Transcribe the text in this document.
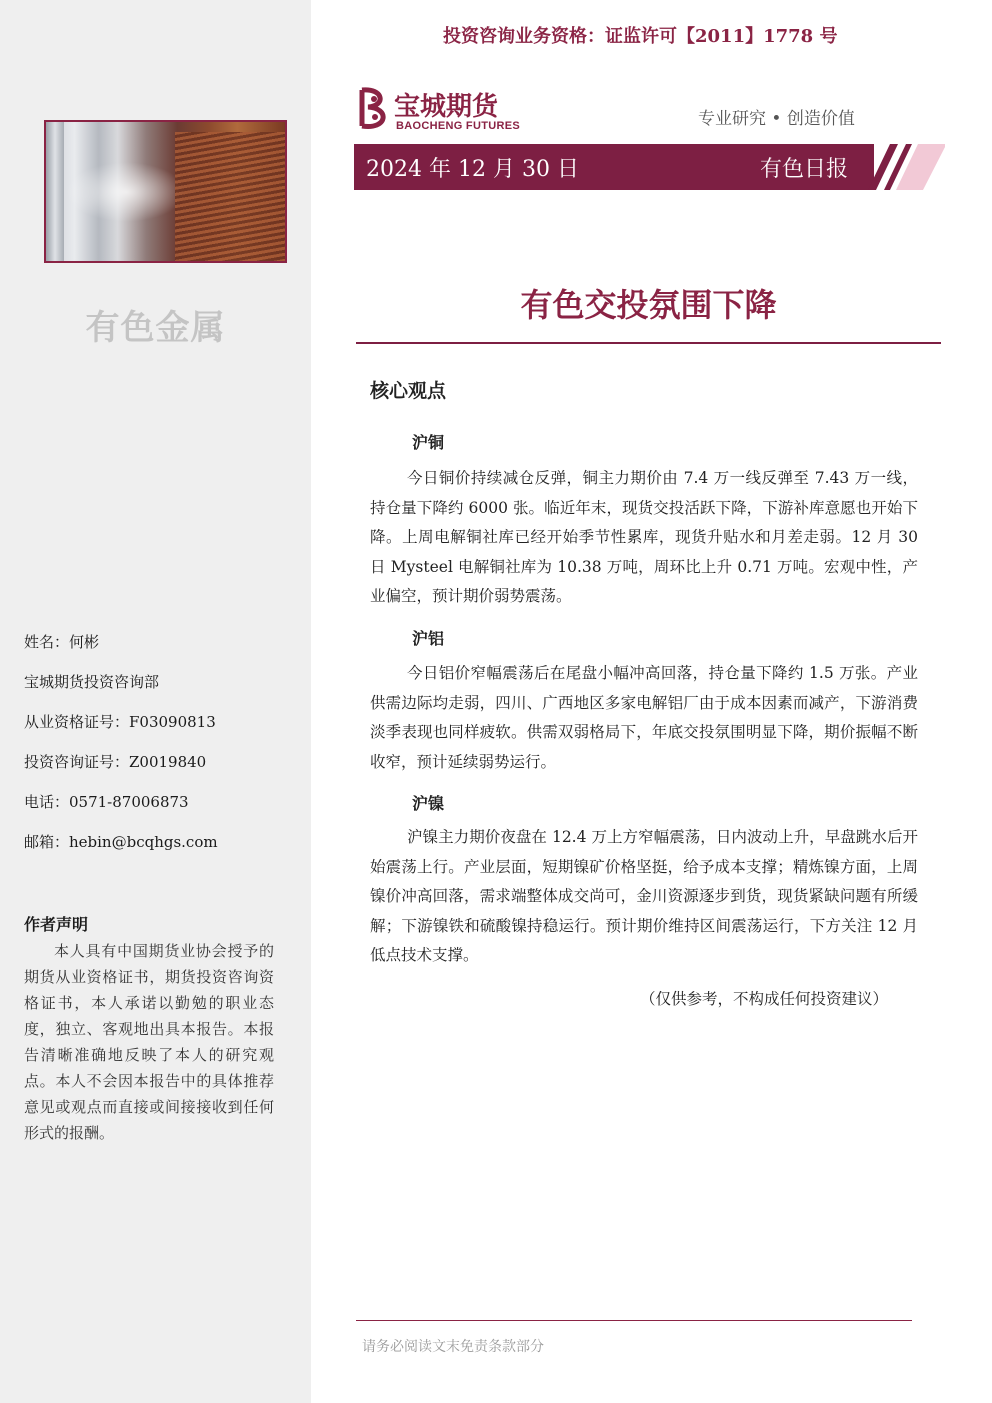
有色金属
姓名：何彬
宝城期货投资咨询部
从业资格证号：F03090813
投资咨询证号：Z0019840
电话：0571-87006873
邮箱：hebin@bcqhgs.com
作者声明
本人具有中国期货业协会授予的期货从业资格证书，期货投资咨询资格证书，本人承诺以勤勉的职业态度，独立、客观地出具本报告。本报告清晰准确地反映了本人的研究观点。本人不会因本报告中的具体推荐意见或观点而直接或间接接收到任何形式的报酬。
投资咨询业务资格：证监许可【2011】1778 号
宝城期货
BAOCHENG FUTURES	专业研究 • 创造价值
2024 年 12 月 30 日	有色日报
有色交投氛围下降
核心观点
沪铜
今日铜价持续减仓反弹，铜主力期价由 7.4 万一线反弹至 7.43 万一线，持仓量下降约 6000 张。临近年末，现货交投活跃下降，下游补库意愿也开始下降。上周电解铜社库已经开始季节性累库，现货升贴水和月差走弱。12 月 30 日 Mysteel 电解铜社库为 10.38 万吨，周环比上升 0.71 万吨。宏观中性，产业偏空，预计期价弱势震荡。
沪铝
今日铝价窄幅震荡后在尾盘小幅冲高回落，持仓量下降约 1.5 万张。产业供需边际均走弱，四川、广西地区多家电解铝厂由于成本因素而减产，下游消费淡季表现也同样疲软。供需双弱格局下，年底交投氛围明显下降，期价振幅不断收窄，预计延续弱势运行。
沪镍
沪镍主力期价夜盘在 12.4 万上方窄幅震荡，日内波动上升，早盘跳水后开始震荡上行。产业层面，短期镍矿价格坚挺，给予成本支撑；精炼镍方面，上周镍价冲高回落，需求端整体成交尚可，金川资源逐步到货，现货紧缺问题有所缓解；下游镍铁和硫酸镍持稳运行。预计期价维持区间震荡运行，下方关注 12 月低点技术支撑。
（仅供参考，不构成任何投资建议）
请务必阅读文末免责条款部分
